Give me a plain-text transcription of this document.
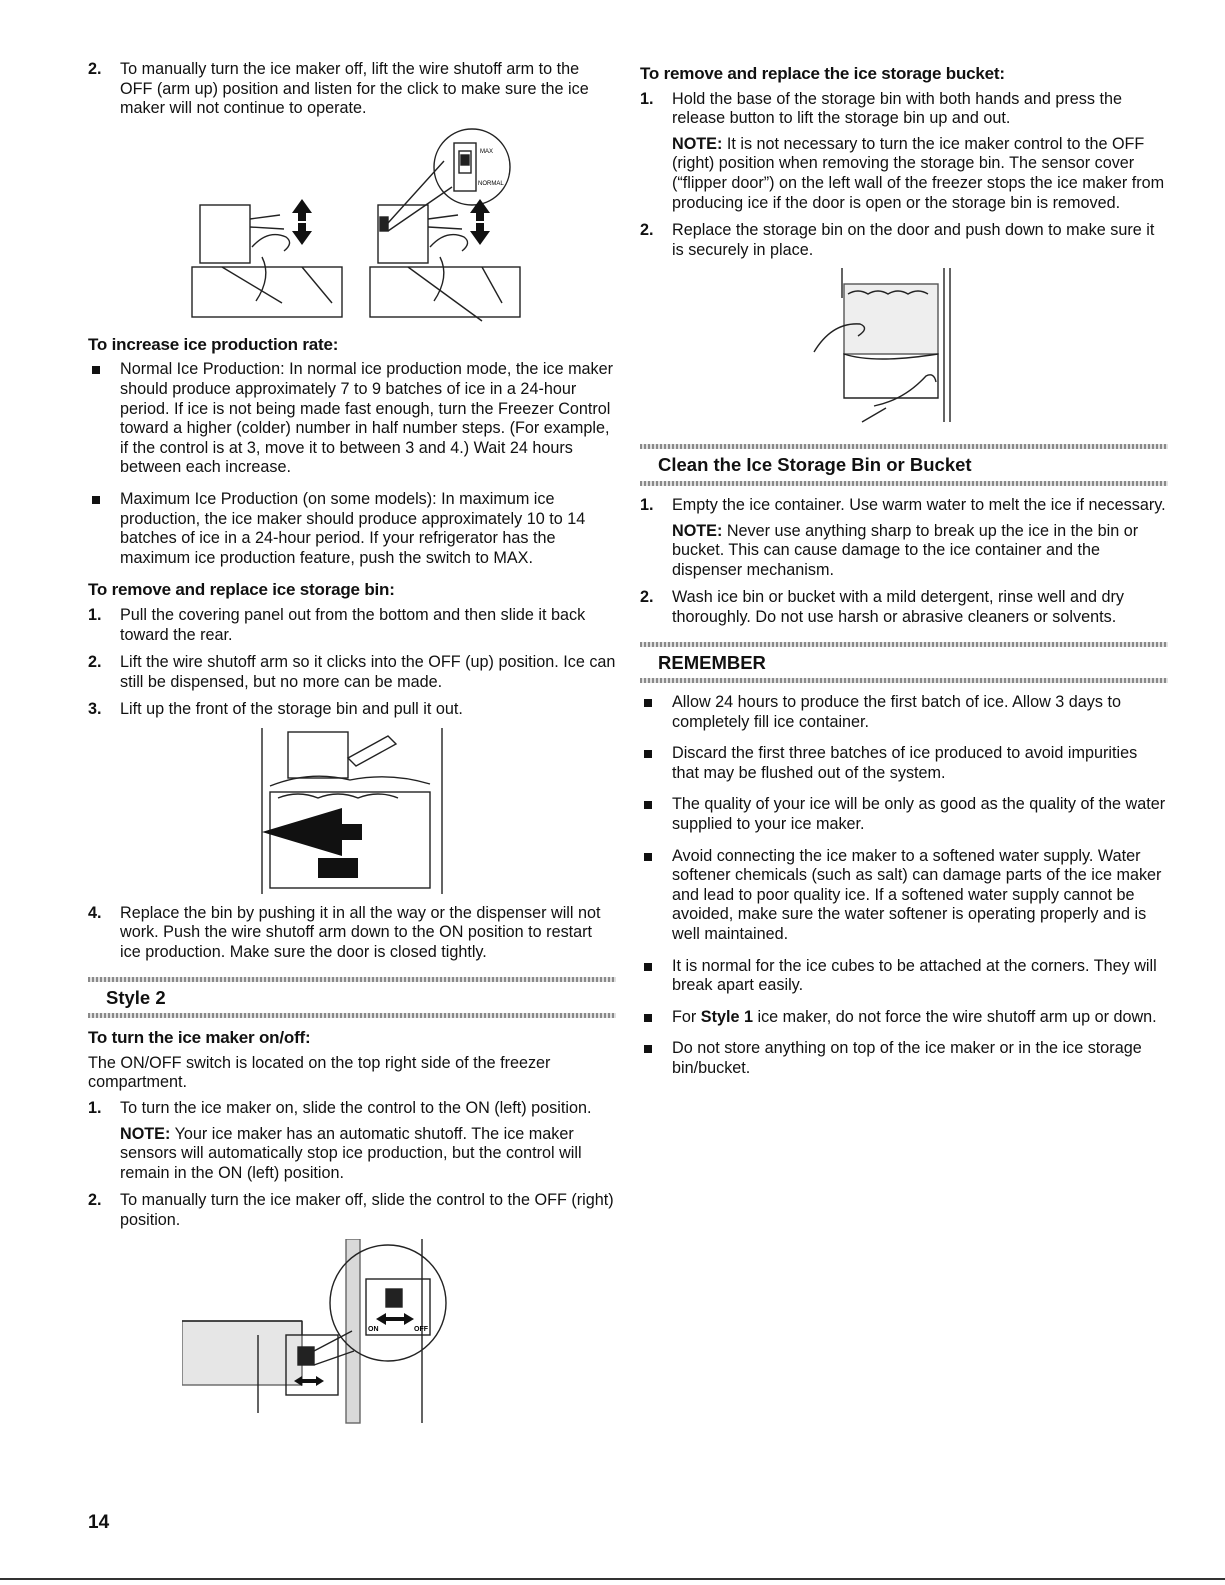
2. To manually turn the ice maker off, lift the wire shutoff arm to the OFF (arm up) position and listen for the click to make sure the ice maker will not continue to operate.
MAX
NORMAL
To increase ice production rate:
Normal Ice Production: In normal ice production mode, the ice maker should produce approximately 7 to 9 batches of ice in a 24-hour period. If ice is not being made fast enough, turn the Freezer Control toward a higher (colder) number in half number steps. (For example, if the control is at 3, move it to between 3 and 4.) Wait 24 hours between each increase.
Maximum Ice Production (on some models): In maximum ice production, the ice maker should produce approximately 10 to 14 batches of ice in a 24-hour period. If your refrigerator has the maximum ice production feature, push the switch to MAX.
To remove and replace ice storage bin:
1. Pull the covering panel out from the bottom and then slide it back toward the rear.
2. Lift the wire shutoff arm so it clicks into the OFF (up) position. Ice can still be dispensed, but no more can be made.
3. Lift up the front of the storage bin and pull it out.
4. Replace the bin by pushing it in all the way or the dispenser will not work. Push the wire shutoff arm down to the ON position to restart ice production. Make sure the door is closed tightly.
Style 2
To turn the ice maker on/off:

The ON/OFF switch is located on the top right side of the freezer compartment.

1. To turn the ice maker on, slide the control to the ON (left) position.
NOTE: Your ice maker has an automatic shutoff. The ice maker sensors will automatically stop ice production, but the control will remain in the ON (left) position.
2. To manually turn the ice maker off, slide the control to the OFF (right) position.
ON	OFF
To remove and replace the ice storage bucket:
1. Hold the base of the storage bin with both hands and press the release button to lift the storage bin up and out.
NOTE: It is not necessary to turn the ice maker control to the OFF (right) position when removing the storage bin. The sensor cover (“flipper door”) on the left wall of the freezer stops the ice maker from producing ice if the door is open or the storage bin is removed.
2. Replace the storage bin on the door and push down to make sure it is securely in place.
Clean the Ice Storage Bin or Bucket
1. Empty the ice container. Use warm water to melt the ice if necessary.
NOTE: Never use anything sharp to break up the ice in the bin or bucket. This can cause damage to the ice container and the dispenser mechanism.
2. Wash ice bin or bucket with a mild detergent, rinse well and dry thoroughly. Do not use harsh or abrasive cleaners or solvents.
REMEMBER
Allow 24 hours to produce the first batch of ice. Allow 3 days to completely fill ice container.
Discard the first three batches of ice produced to avoid impurities that may be flushed out of the system.
The quality of your ice will be only as good as the quality of the water supplied to your ice maker.
Avoid connecting the ice maker to a softened water supply. Water softener chemicals (such as salt) can damage parts of the ice maker and lead to poor quality ice. If a softened water supply cannot be avoided, make sure the water softener is operating properly and is well maintained.
It is normal for the ice cubes to be attached at the corners. They will break apart easily.
For Style 1 ice maker, do not force the wire shutoff arm up or down.
Do not store anything on top of the ice maker or in the ice storage bin/bucket.
14
